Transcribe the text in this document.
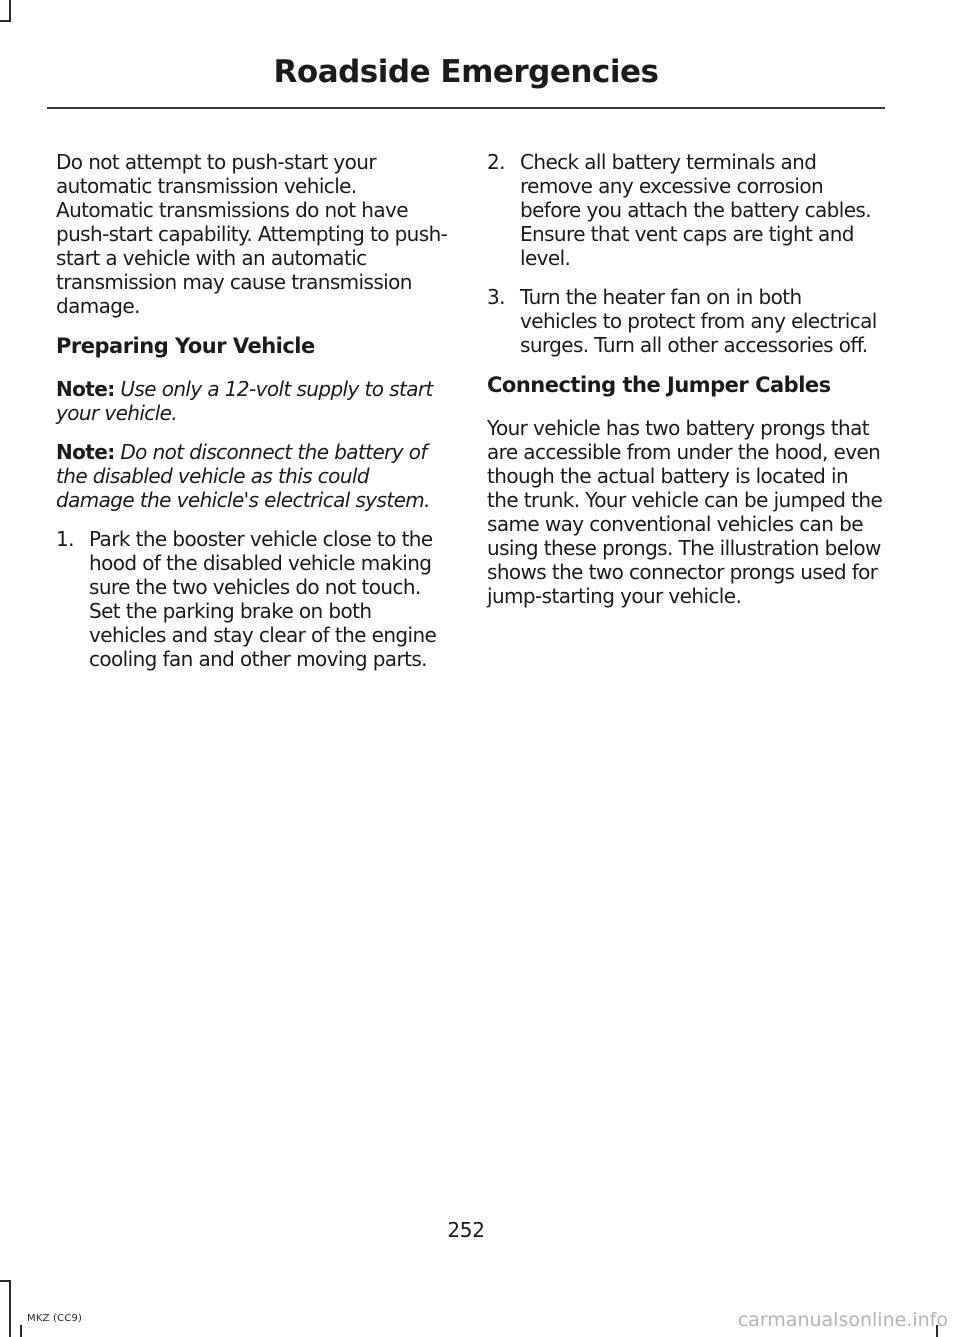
Roadside Emergencies

Do not attempt to push-start your automatic transmission vehicle. Automatic transmissions do not have push-start capability. Attempting to push-start a vehicle with an automatic transmission may cause transmission damage.

Preparing Your Vehicle

Note: Use only a 12-volt supply to start your vehicle.

Note: Do not disconnect the battery of the disabled vehicle as this could damage the vehicle's electrical system.

1. Park the booster vehicle close to the hood of the disabled vehicle making sure the two vehicles do not touch. Set the parking brake on both vehicles and stay clear of the engine cooling fan and other moving parts.
2. Check all battery terminals and remove any excessive corrosion before you attach the battery cables. Ensure that vent caps are tight and level.
3. Turn the heater fan on in both vehicles to protect from any electrical surges. Turn all other accessories off.
Connecting the Jumper Cables

Your vehicle has two battery prongs that are accessible from under the hood, even though the actual battery is located in the trunk. Your vehicle can be jumped the same way conventional vehicles can be using these prongs. The illustration below shows the two connector prongs used for jump-starting your vehicle.

252
MKZ (CC9)	carmanualsonline.info
